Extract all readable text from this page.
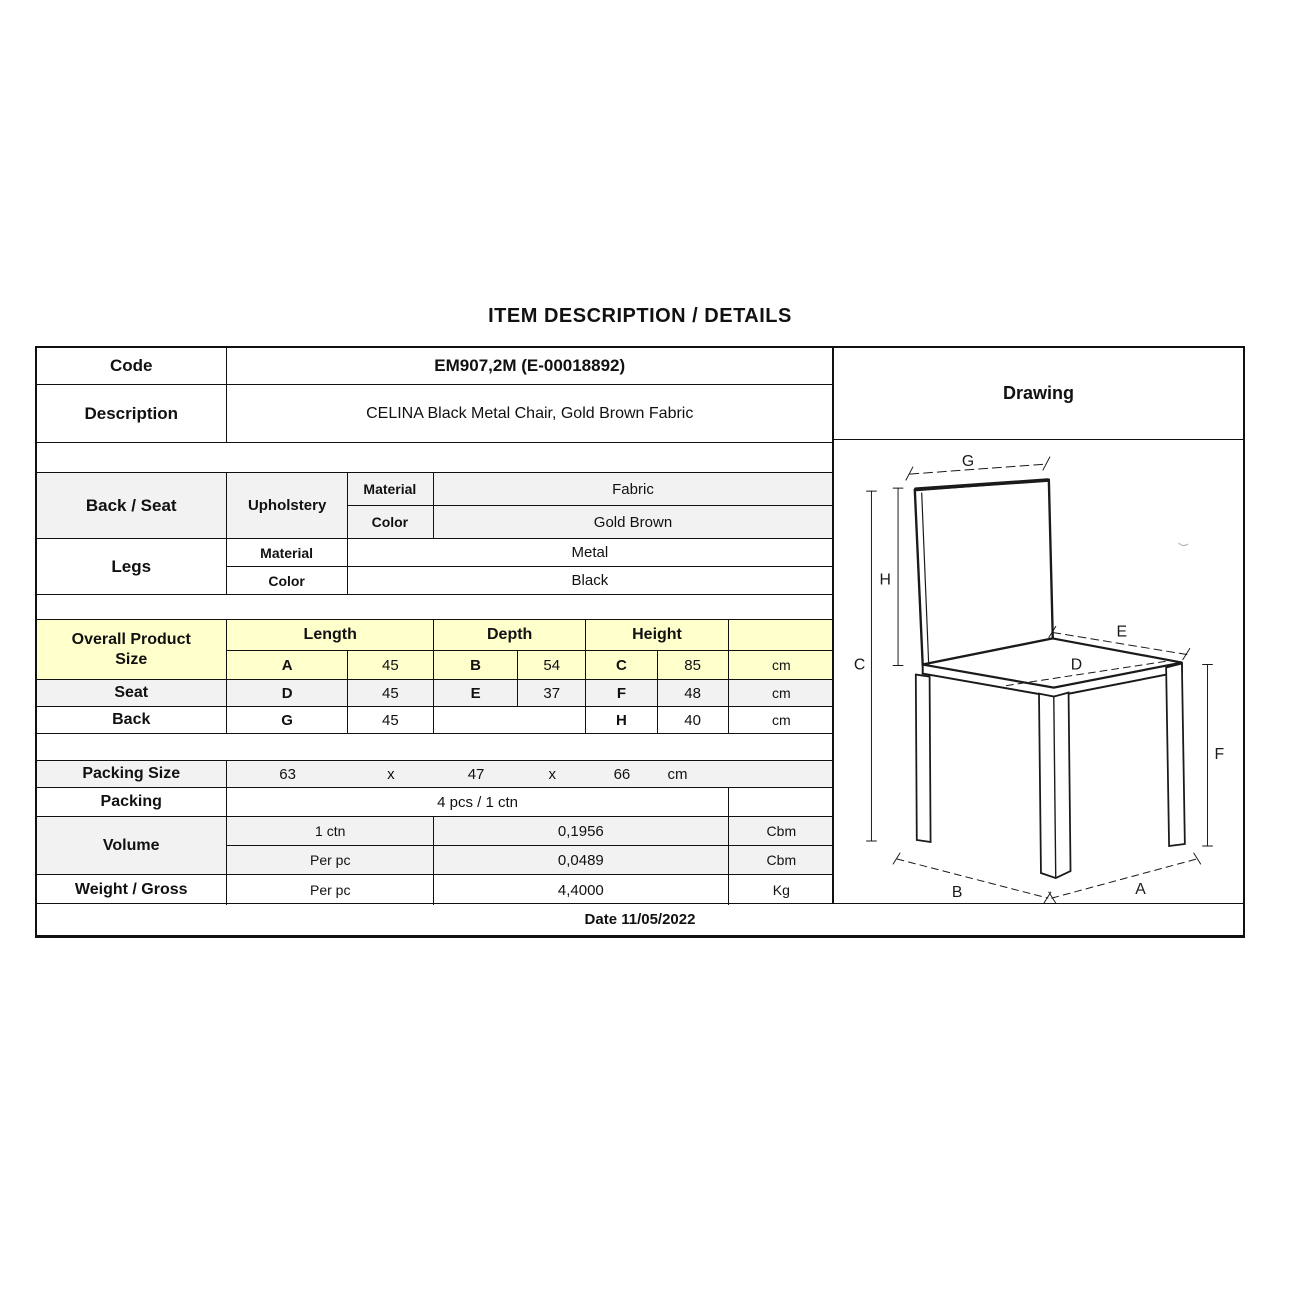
ITEM DESCRIPTION / DETAILS
Code	EM907,2M (E-00018892)						
Description	CELINA Black Metal Chair, Gold Brown Fabric						

Back / Seat	Upholstery	Material	Fabric				
		Color	Gold Brown				
Legs	Material	Metal					
	Color	Black					

Overall Product
Size	Length		Depth		Height		
	A	45	B	54	C	85	cm
Seat	D	45	E	37	F	48	cm
Back	G	45			H	40	cm

Packing Size	63	x	47	x	66	cm	
Packing	4 pcs / 1 ctn						
Volume	1 ctn		0,1956				Cbm
	Per pc		0,0489				Cbm
Weight / Gross	Per pc		4,4000				Kg
Drawing
G
H
C
E
D
F
B	A
Date 11/05/2022
